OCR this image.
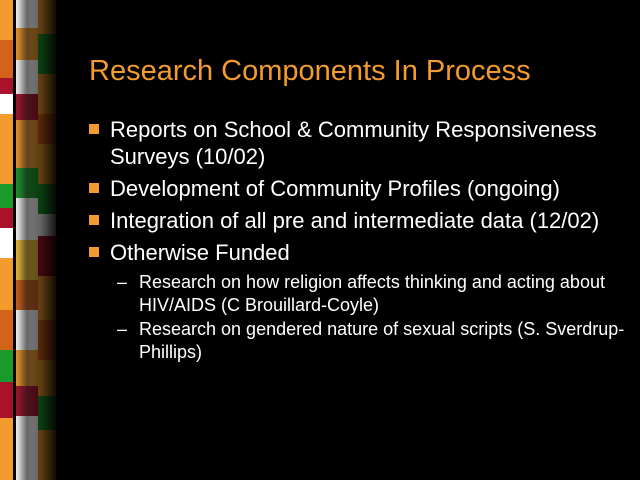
Research Components In Process
Reports on School & Community Responsiveness Surveys (10/02)
Development of Community Profiles (ongoing)
Integration of all pre and intermediate data (12/02)
Otherwise Funded
– Research on how religion affects thinking and acting about HIV/AIDS (C Brouillard-Coyle)
– Research on gendered nature of sexual scripts (S. Sverdrup-Phillips)
